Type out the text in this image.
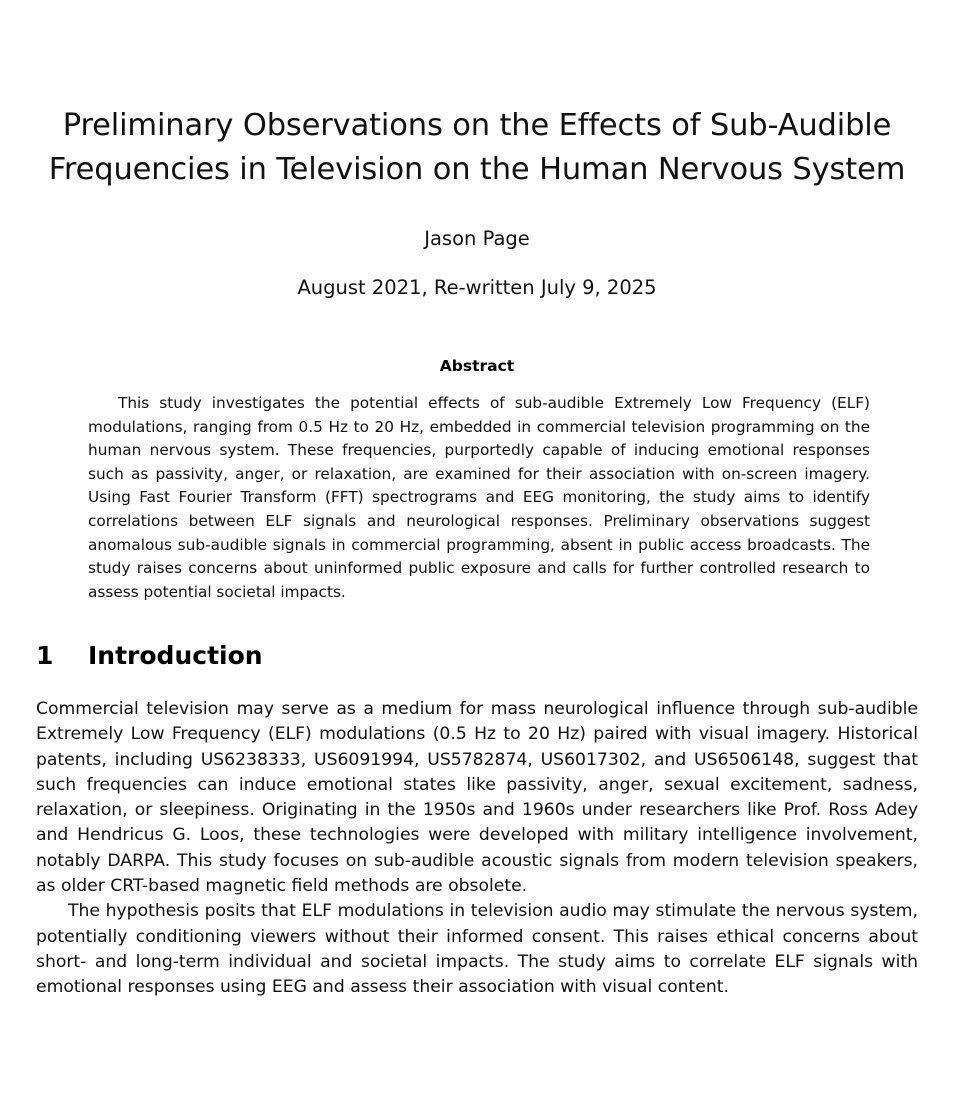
Preliminary Observations on the Effects of Sub-Audible
Frequencies in Television on the Human Nervous System
Jason Page
August 2021, Re-written July 9, 2025
Abstract
This study investigates the potential effects of sub-audible Extremely Low Frequency (ELF) modulations, ranging from 0.5 Hz to 20 Hz, embedded in commercial television programming on the human nervous system. These frequencies, purportedly capable of inducing emotional responses such as passivity, anger, or relaxation, are examined for their association with on-screen imagery. Using Fast Fourier Transform (FFT) spectrograms and EEG monitoring, the study aims to identify correlations between ELF signals and neurological responses. Preliminary observations suggest anomalous sub-audible signals in commercial programming, absent in public access broadcasts. The study raises concerns about uninformed public exposure and calls for further controlled research to assess potential societal impacts.
1 Introduction

Commercial television may serve as a medium for mass neurological influence through sub-audible Extremely Low Frequency (ELF) modulations (0.5 Hz to 20 Hz) paired with visual imagery. Historical patents, including US6238333, US6091994, US5782874, US6017302, and US6506148, suggest that such frequencies can induce emotional states like passivity, anger, sexual excitement, sadness, relaxation, or sleepiness. Originating in the 1950s and 1960s under researchers like Prof. Ross Adey and Hendricus G. Loos, these technologies were developed with military intelligence involvement, notably DARPA. This study focuses on sub-audible acoustic signals from modern television speakers, as older CRT-based magnetic field methods are obsolete.

The hypothesis posits that ELF modulations in television audio may stimulate the nervous system, potentially conditioning viewers without their informed consent. This raises ethical concerns about short- and long-term individual and societal impacts. The study aims to correlate ELF signals with emotional responses using EEG and assess their association with visual content.
